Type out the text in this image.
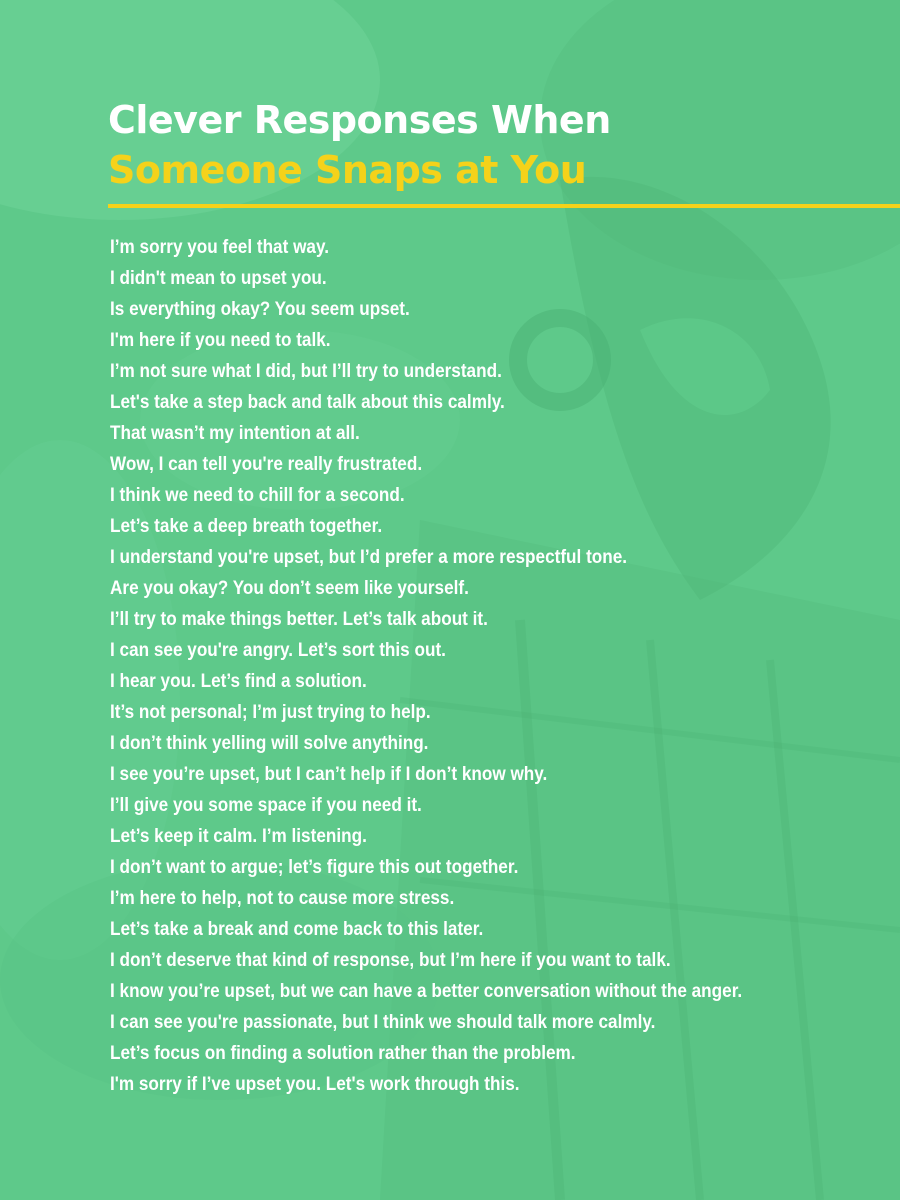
Clever Responses When
Someone Snaps at You
I’m sorry you feel that way.
I didn't mean to upset you.
Is everything okay? You seem upset.
I'm here if you need to talk.
I’m not sure what I did, but I’ll try to understand.
Let's take a step back and talk about this calmly.
That wasn’t my intention at all.
Wow, I can tell you're really frustrated.
I think we need to chill for a second.
Let’s take a deep breath together.
I understand you're upset, but I’d prefer a more respectful tone.
Are you okay? You don’t seem like yourself.
I’ll try to make things better. Let’s talk about it.
I can see you're angry. Let’s sort this out.
I hear you. Let’s find a solution.
It’s not personal; I’m just trying to help.
I don’t think yelling will solve anything.
I see you’re upset, but I can’t help if I don’t know why.
I’ll give you some space if you need it.
Let’s keep it calm. I’m listening.
I don’t want to argue; let’s figure this out together.
I’m here to help, not to cause more stress.
Let’s take a break and come back to this later.
I don’t deserve that kind of response, but I’m here if you want to talk.
I know you’re upset, but we can have a better conversation without the anger.
I can see you're passionate, but I think we should talk more calmly.
Let’s focus on finding a solution rather than the problem.
I'm sorry if I’ve upset you. Let's work through this.
